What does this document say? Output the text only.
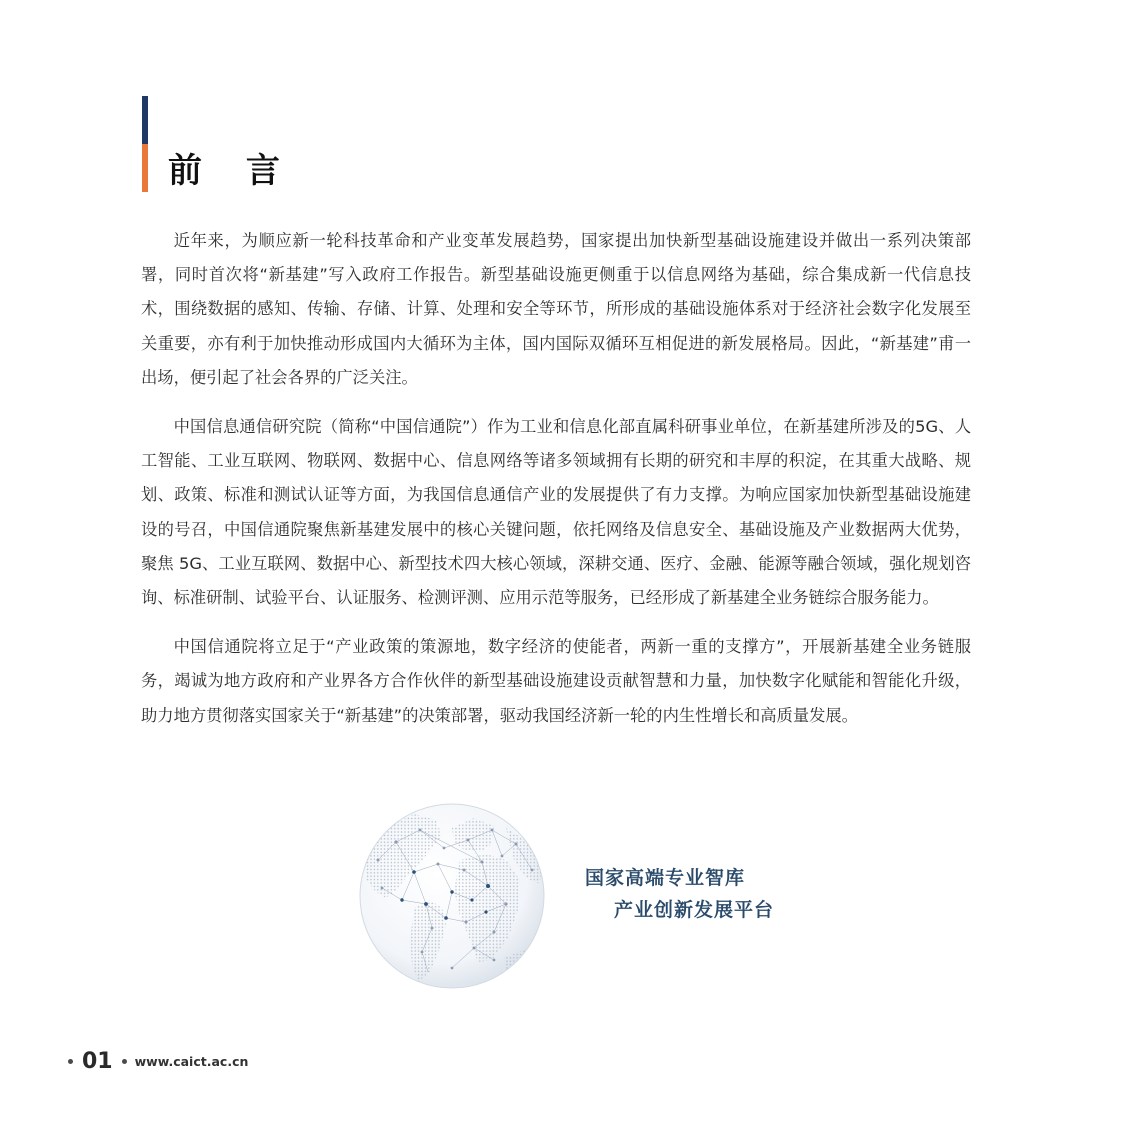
前 言

近年来，为顺应新一轮科技革命和产业变革发展趋势，国家提出加快新型基础设施建设并做出一系列决策部署，同时首次将“新基建”写入政府工作报告。新型基础设施更侧重于以信息网络为基础，综合集成新一代信息技术，围绕数据的感知、传输、存储、计算、处理和安全等环节，所形成的基础设施体系对于经济社会数字化发展至关重要，亦有利于加快推动形成国内大循环为主体，国内国际双循环互相促进的新发展格局。因此，“新基建”甫一出场，便引起了社会各界的广泛关注。

中国信息通信研究院（简称“中国信通院”）作为工业和信息化部直属科研事业单位，在新基建所涉及的5G、人工智能、工业互联网、物联网、数据中心、信息网络等诸多领域拥有长期的研究和丰厚的积淀，在其重大战略、规划、政策、标准和测试认证等方面，为我国信息通信产业的发展提供了有力支撑。为响应国家加快新型基础设施建设的号召，中国信通院聚焦新基建发展中的核心关键问题，依托网络及信息安全、基础设施及产业数据两大优势，聚焦 5G、工业互联网、数据中心、新型技术四大核心领域，深耕交通、医疗、金融、能源等融合领域，强化规划咨询、标准研制、试验平台、认证服务、检测评测、应用示范等服务，已经形成了新基建全业务链综合服务能力。

中国信通院将立足于“产业政策的策源地，数字经济的使能者，两新一重的支撑方”，开展新基建全业务链服务，竭诚为地方政府和产业界各方合作伙伴的新型基础设施建设贡献智慧和力量，加快数字化赋能和智能化升级，助力地方贯彻落实国家关于“新基建”的决策部署，驱动我国经济新一轮的内生性增长和高质量发展。

国家高端专业智库
产业创新发展平台
01 www.caict.ac.cn
